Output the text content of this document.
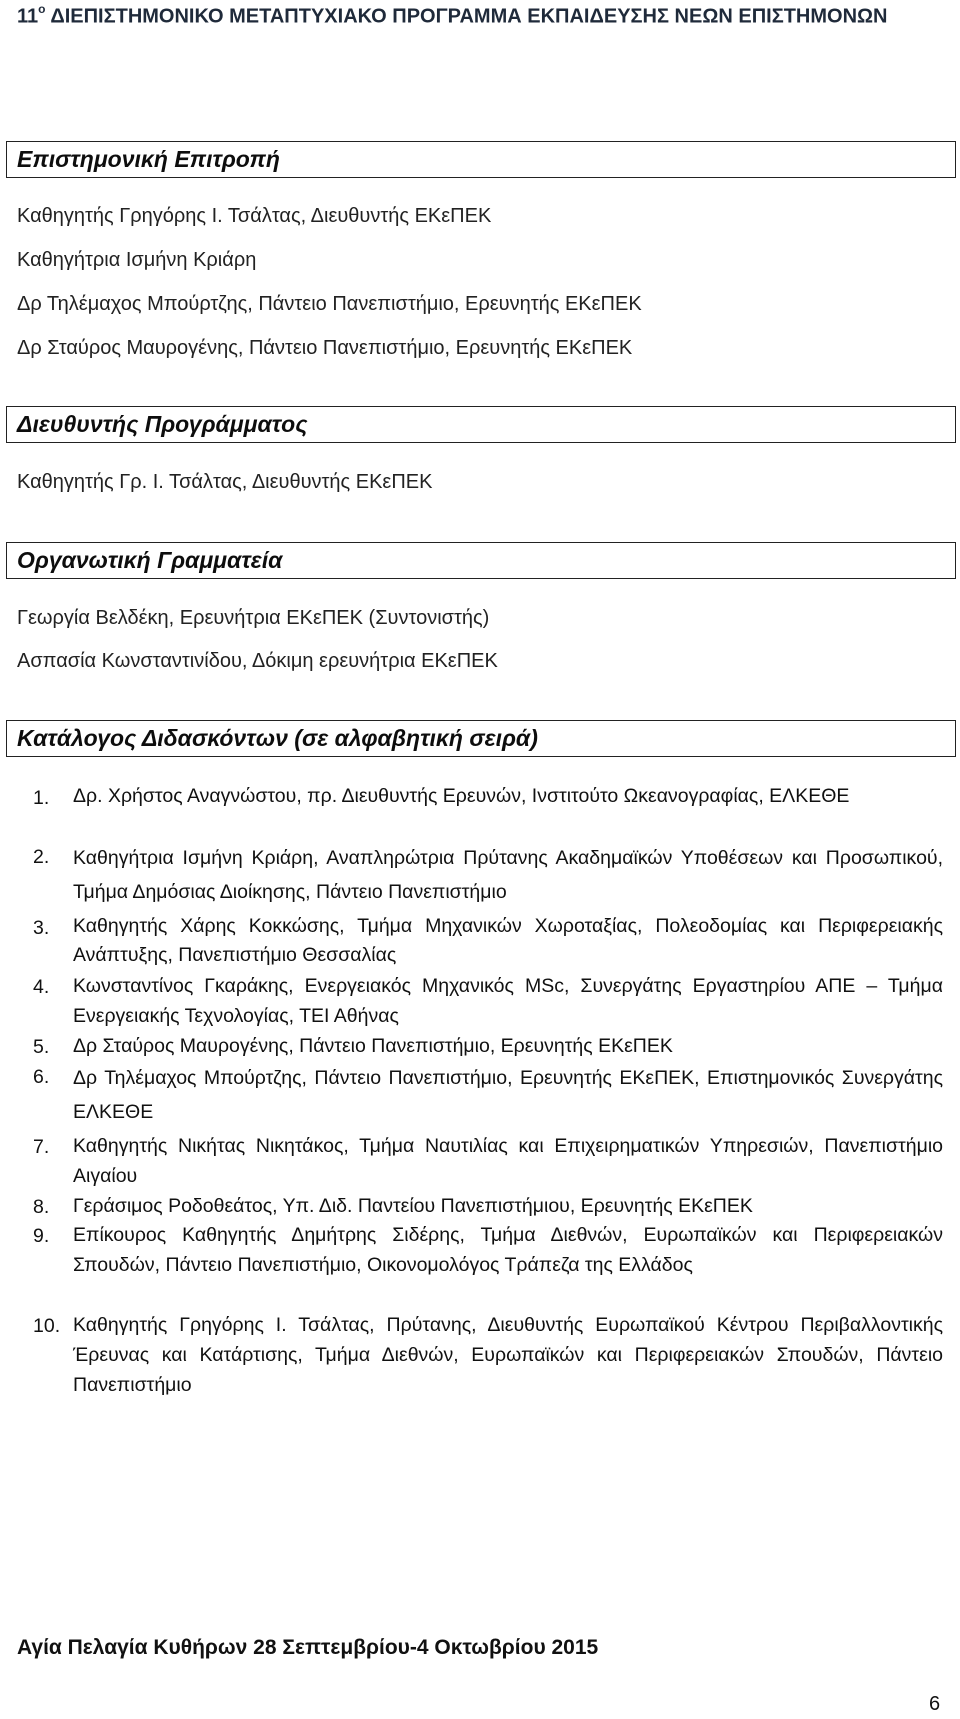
$11^o$ ΔΙΕΠΙΣΤΗΜΟΝΙΚΟ ΜΕΤΑΠΤΥΧΙΑΚΟ ΠΡΟΓΡΑΜΜΑ ΕΚΠΑΙΔΕΥΣΗΣ ΝΕΩΝ ΕΠΙΣΤΗΜΟΝΩΝ
Επιστημονική Επιτροπή
Καθηγητής Γρηγόρης Ι. Τσάλτας, Διευθυντής ΕΚεΠΕΚ
Καθηγήτρια Ισμήνη Κριάρη
Δρ Τηλέμαχος Μπούρτζης, Πάντειο Πανεπιστήμιο, Ερευνητής ΕΚεΠΕΚ
Δρ Σταύρος Μαυρογένης, Πάντειο Πανεπιστήμιο, Ερευνητής ΕΚεΠΕΚ
Διευθυντής Προγράμματος
Καθηγητής Γρ. Ι. Τσάλτας, Διευθυντής ΕΚεΠΕΚ
Οργανωτική Γραμματεία
Γεωργία Βελδέκη, Ερευνήτρια ΕΚεΠΕΚ (Συντονιστής)
Ασπασία Κωνσταντινίδου, Δόκιμη ερευνήτρια ΕΚεΠΕΚ
Κατάλογος Διδασκόντων (σε αλφαβητική σειρά)
1.	Δρ. Χρήστος Αναγνώστου, πρ. Διευθυντής Ερευνών, Ινστιτούτο Ωκεανογραφίας, ΕΛΚΕΘΕ
2.	Καθηγήτρια Ισμήνη Κριάρη, Αναπληρώτρια Πρύτανης Ακαδημαϊκών Υποθέσεων και Προσωπικού, Τμήμα Δημόσιας Διοίκησης, Πάντειο Πανεπιστήμιο
3.	Καθηγητής Χάρης Κοκκώσης, Τμήμα Μηχανικών Χωροταξίας, Πολεοδομίας και Περιφερειακής Ανάπτυξης, Πανεπιστήμιο Θεσσαλίας
4.	Κωνσταντίνος Γκαράκης, Ενεργειακός Μηχανικός MSc, Συνεργάτης Εργαστηρίου ΑΠΕ – Τμήμα Ενεργειακής Τεχνολογίας, ΤΕΙ Αθήνας
5.	Δρ Σταύρος Μαυρογένης, Πάντειο Πανεπιστήμιο, Ερευνητής ΕΚεΠΕΚ
6.	Δρ Τηλέμαχος Μπούρτζης, Πάντειο Πανεπιστήμιο, Ερευνητής ΕΚεΠΕΚ, Επιστημονικός Συνεργάτης ΕΛΚΕΘΕ
7.	Καθηγητής Νικήτας Νικητάκος, Τμήμα Ναυτιλίας και Επιχειρηματικών Υπηρεσιών, Πανεπιστήμιο Αιγαίου
8.	Γεράσιμος Ροδοθεάτος, Υπ. Διδ. Παντείου Πανεπιστήμιου, Ερευνητής ΕΚεΠΕΚ
9.	Επίκουρος Καθηγητής Δημήτρης Σιδέρης, Τμήμα Διεθνών, Ευρωπαϊκών και Περιφερειακών Σπουδών, Πάντειο Πανεπιστήμιο, Οικονομολόγος Τράπεζα της Ελλάδος
10. Καθηγητής Γρηγόρης Ι. Τσάλτας, Πρύτανης, Διευθυντής Ευρωπαϊκού Κέντρου Περιβαλλοντικής Έρευνας και Κατάρτισης, Τμήμα Διεθνών, Ευρωπαϊκών και Περιφερειακών Σπουδών, Πάντειο Πανεπιστήμιο
Αγία Πελαγία Κυθήρων 28 Σεπτεμβρίου-4 Οκτωβρίου 2015
6
